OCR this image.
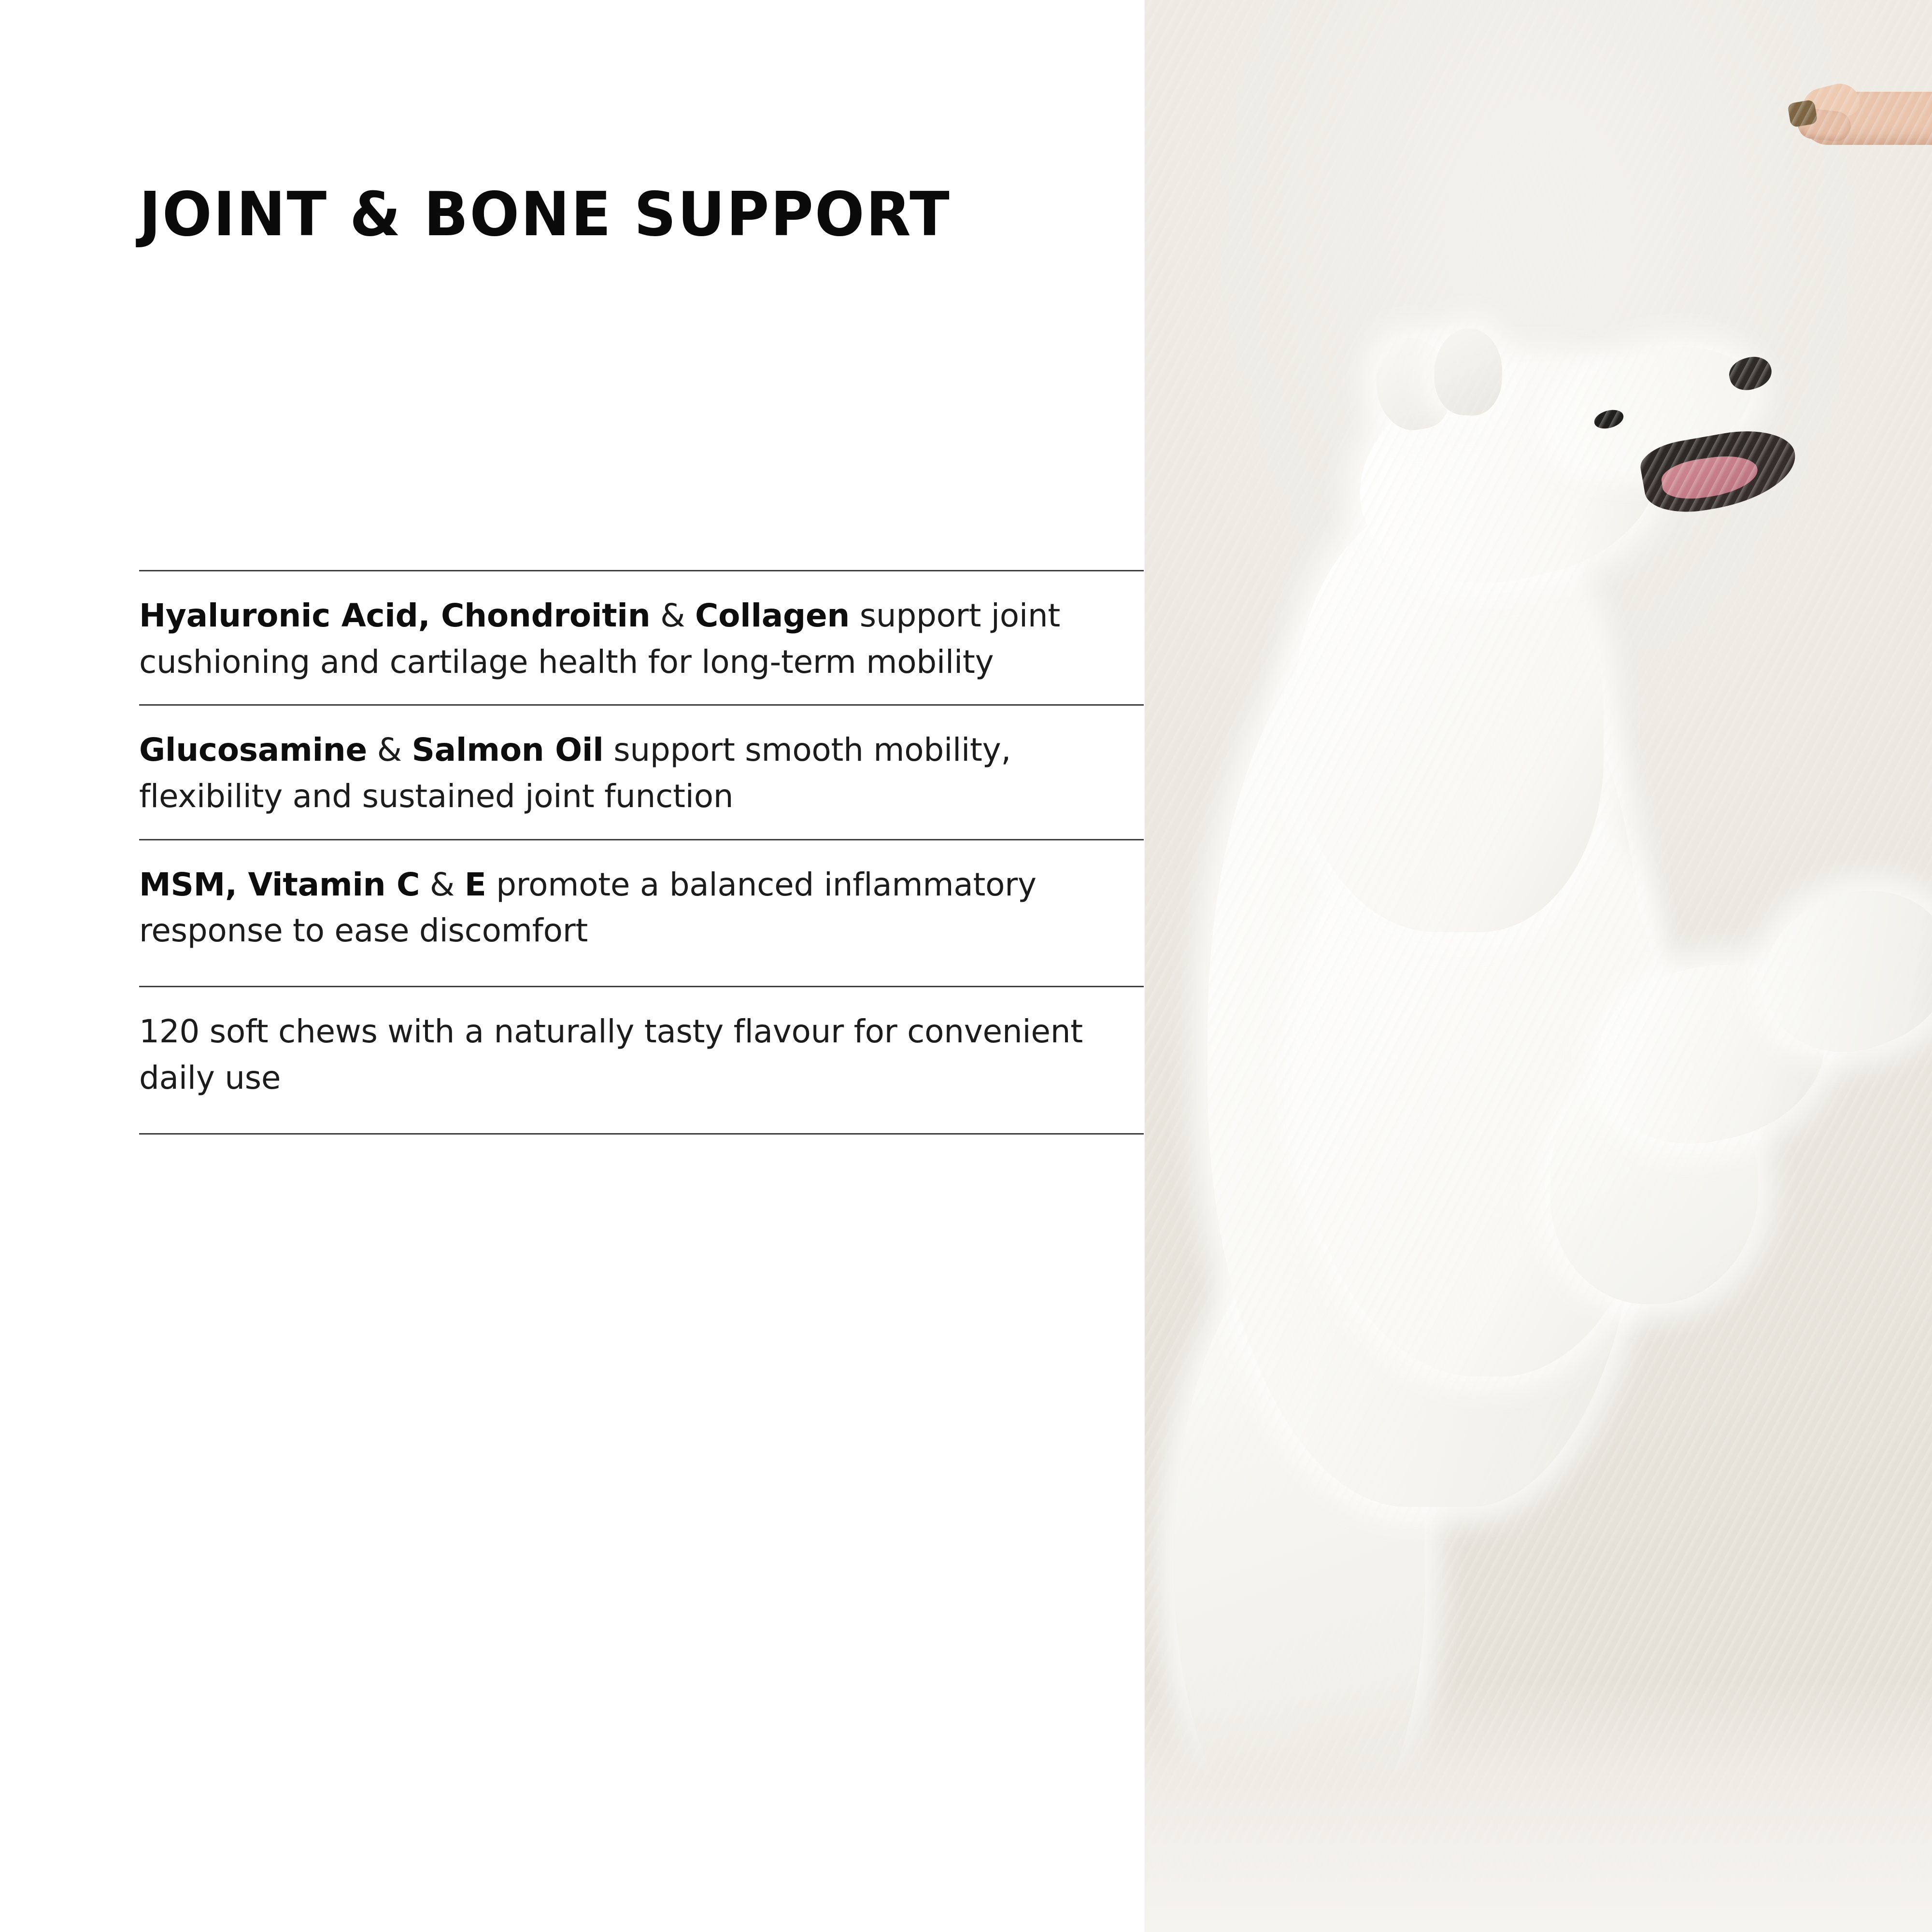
JOINT & BONE SUPPORT

Hyaluronic Acid, Chondroitin & Collagen support joint cushioning and cartilage health for long-term mobility

Glucosamine & Salmon Oil support smooth mobility, flexibility and sustained joint function

MSM, Vitamin C & E promote a balanced inflammatory response to ease discomfort

120 soft chews with a naturally tasty flavour for convenient daily use
